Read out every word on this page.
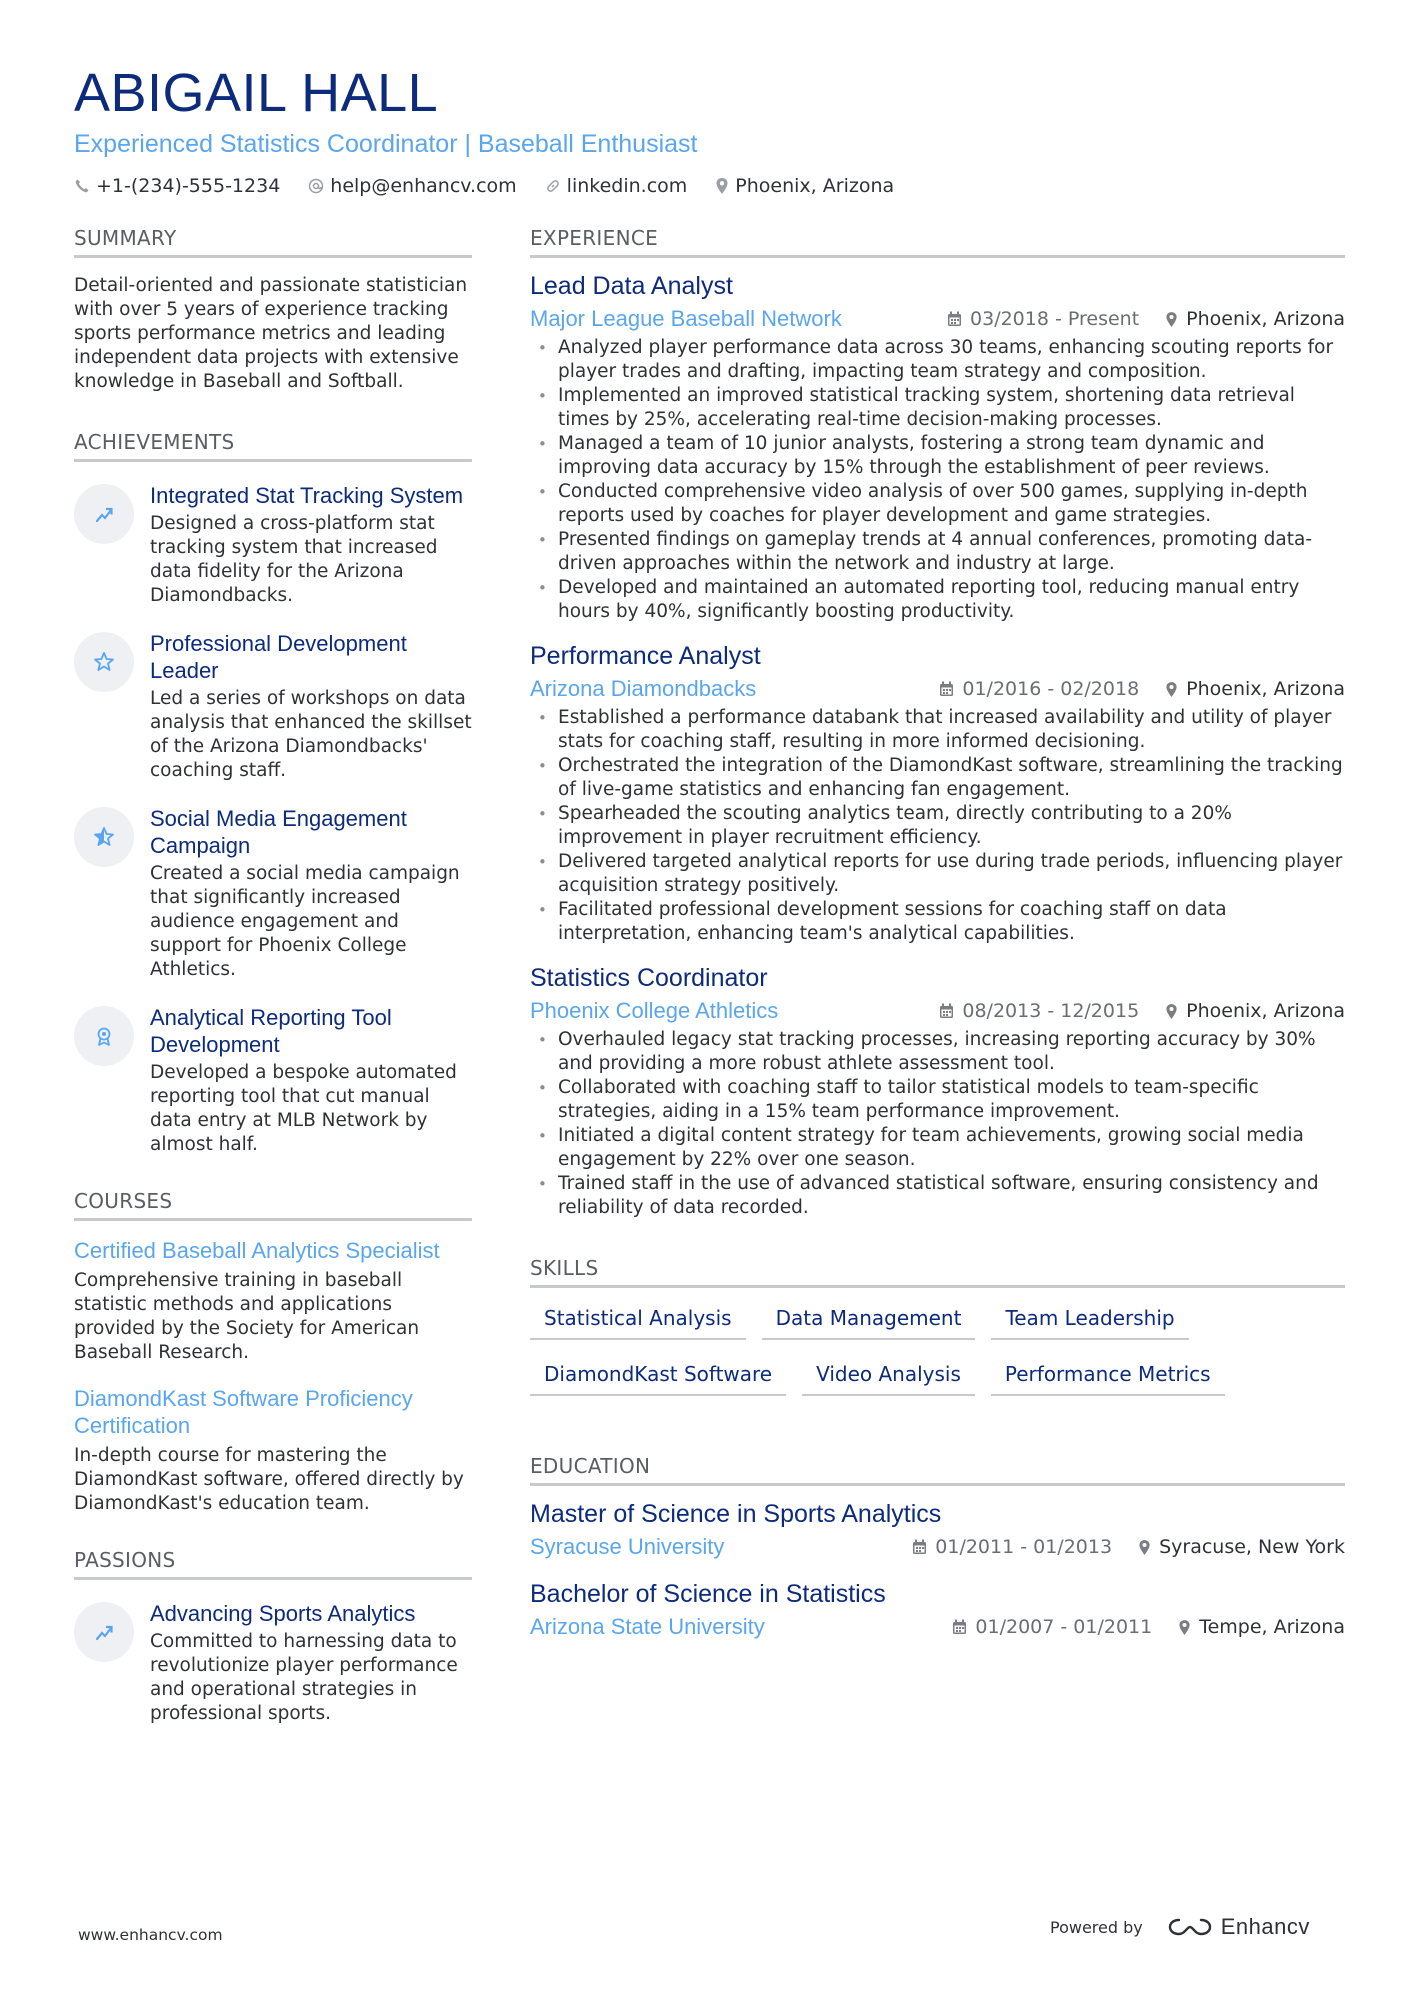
ABIGAIL HALL
Experienced Statistics Coordinator | Baseball Enthusiast
+1-(234)-555-1234	help@enhancv.com	linkedin.com	Phoenix, Arizona
SUMMARY
Detail-oriented and passionate statistician with over 5 years of experience tracking sports performance metrics and leading independent data projects with extensive knowledge in Baseball and Softball.
ACHIEVEMENTS
Integrated Stat Tracking System
Designed a cross-platform stat tracking system that increased data fidelity for the Arizona Diamondbacks.
Professional Development Leader
Led a series of workshops on data analysis that enhanced the skillset of the Arizona Diamondbacks' coaching staff.
Social Media Engagement Campaign
Created a social media campaign that significantly increased audience engagement and support for Phoenix College Athletics.
Analytical Reporting Tool Development
Developed a bespoke automated reporting tool that cut manual data entry at MLB Network by almost half.
COURSES
Certified Baseball Analytics Specialist
Comprehensive training in baseball statistic methods and applications provided by the Society for American Baseball Research.
DiamondKast Software Proficiency Certification
In-depth course for mastering the DiamondKast software, offered directly by DiamondKast's education team.
PASSIONS
Advancing Sports Analytics
Committed to harnessing data to revolutionize player performance and operational strategies in professional sports.
EXPERIENCE
Lead Data Analyst
Major League Baseball Network	03/2018 - Present Phoenix, Arizona
• Analyzed player performance data across 30 teams, enhancing scouting reports for player trades and drafting, impacting team strategy and composition.
• Implemented an improved statistical tracking system, shortening data retrieval times by 25%, accelerating real-time decision-making processes.
• Managed a team of 10 junior analysts, fostering a strong team dynamic and improving data accuracy by 15% through the establishment of peer reviews.
• Conducted comprehensive video analysis of over 500 games, supplying in-depth reports used by coaches for player development and game strategies.
• Presented findings on gameplay trends at 4 annual conferences, promoting data-driven approaches within the network and industry at large.
• Developed and maintained an automated reporting tool, reducing manual entry hours by 40%, significantly boosting productivity.
Performance Analyst
Arizona Diamondbacks	01/2016 - 02/2018 Phoenix, Arizona
• Established a performance databank that increased availability and utility of player stats for coaching staff, resulting in more informed decisioning.
• Orchestrated the integration of the DiamondKast software, streamlining the tracking of live-game statistics and enhancing fan engagement.
• Spearheaded the scouting analytics team, directly contributing to a 20% improvement in player recruitment efficiency.
• Delivered targeted analytical reports for use during trade periods, influencing player acquisition strategy positively.
• Facilitated professional development sessions for coaching staff on data interpretation, enhancing team's analytical capabilities.
Statistics Coordinator
Phoenix College Athletics	08/2013 - 12/2015 Phoenix, Arizona
• Overhauled legacy stat tracking processes, increasing reporting accuracy by 30% and providing a more robust athlete assessment tool.
• Collaborated with coaching staff to tailor statistical models to team-specific strategies, aiding in a 15% team performance improvement.
• Initiated a digital content strategy for team achievements, growing social media engagement by 22% over one season.
• Trained staff in the use of advanced statistical software, ensuring consistency and reliability of data recorded.
SKILLS
Statistical Analysis	Data Management	Team Leadership
DiamondKast Software	Video Analysis	Performance Metrics
EDUCATION
Master of Science in Sports Analytics
Syracuse University	01/2011 - 01/2013 Syracuse, New York
Bachelor of Science in Statistics
Arizona State University	01/2007 - 01/2011 Tempe, Arizona
www.enhancv.com	Powered by	Enhancv
